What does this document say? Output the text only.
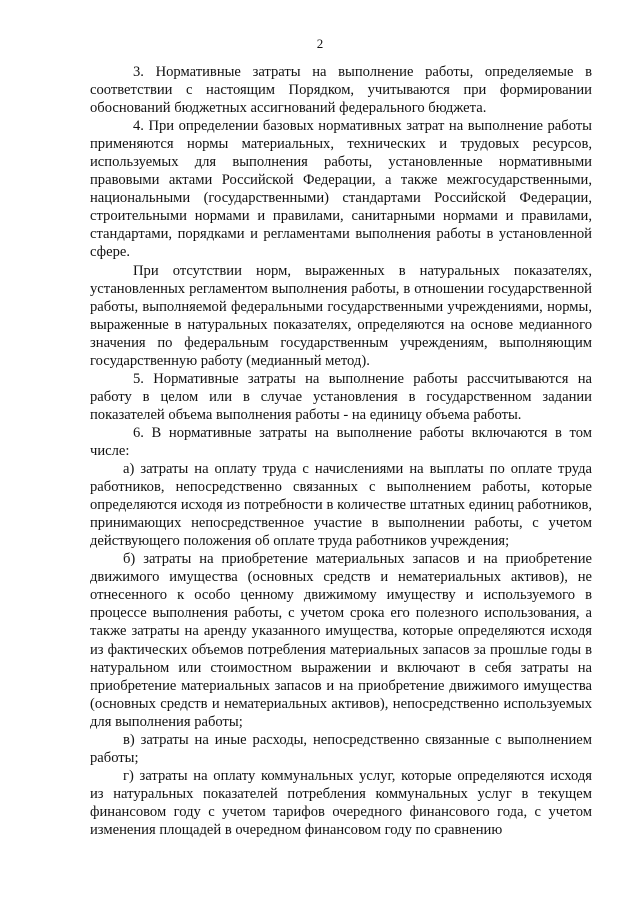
2

3. Нормативные затраты на выполнение работы, определяемые в соответствии с настоящим Порядком, учитываются при формировании обоснований бюджетных ассигнований федерального бюджета.

4. При определении базовых нормативных затрат на выполнение работы применяются нормы материальных, технических и трудовых ресурсов, используемых для выполнения работы, установленные нормативными правовыми актами Российской Федерации, а также межгосударственными, национальными (государственными) стандартами Российской Федерации, строительными нормами и правилами, санитарными нормами и правилами, стандартами, порядками и регламентами выполнения работы в установленной сфере.

При отсутствии норм, выраженных в натуральных показателях, установленных регламентом выполнения работы, в отношении государственной работы, выполняемой федеральными государственными учреждениями, нормы, выраженные в натуральных показателях, определяются на основе медианного значения по федеральным государственным учреждениям, выполняющим государственную работу (медианный метод).

5. Нормативные затраты на выполнение работы рассчитываются на работу в целом или в случае установления в государственном задании показателей объема выполнения работы - на единицу объема работы.

6. В нормативные затраты на выполнение работы включаются в том числе:

а) затраты на оплату труда с начислениями на выплаты по оплате труда работников, непосредственно связанных с выполнением работы, которые определяются исходя из потребности в количестве штатных единиц работников, принимающих непосредственное участие в выполнении работы, с учетом действующего положения об оплате труда работников учреждения;

б) затраты на приобретение материальных запасов и на приобретение движимого имущества (основных средств и нематериальных активов), не отнесенного к особо ценному движимому имуществу и используемого в процессе выполнения работы, с учетом срока его полезного использования, а также затраты на аренду указанного имущества, которые определяются исходя из фактических объемов потребления материальных запасов за прошлые годы в натуральном или стоимостном выражении и включают в себя затраты на приобретение материальных запасов и на приобретение движимого имущества (основных средств и нематериальных активов), непосредственно используемых для выполнения работы;

в) затраты на иные расходы, непосредственно связанные с выполнением работы;

г) затраты на оплату коммунальных услуг, которые определяются исходя из натуральных показателей потребления коммунальных услуг в текущем финансовом году с учетом тарифов очередного финансового года, с учетом изменения площадей в очередном финансовом году по сравнению
